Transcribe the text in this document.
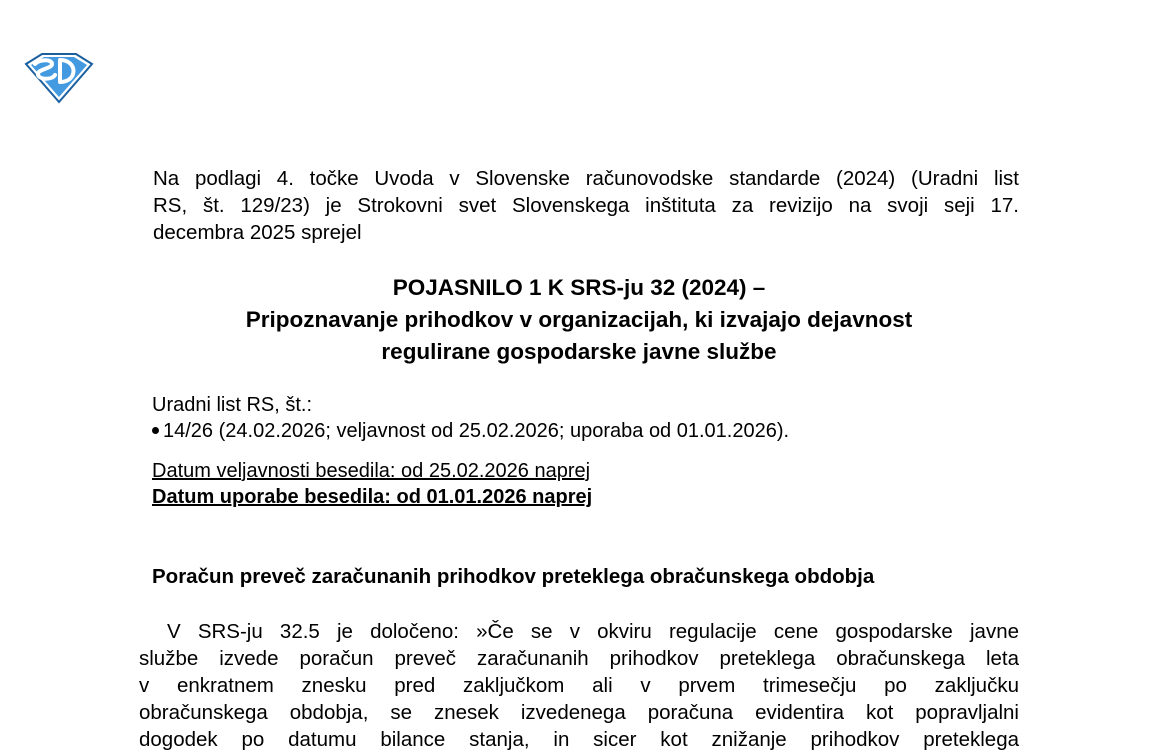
Na podlagi 4. točke Uvoda v Slovenske računovodske standarde (2024) (Uradni list
RS, št. 129/23) je Strokovni svet Slovenskega inštituta za revizijo na svoji seji 17.
decembra 2025 sprejel
POJASNILO 1 K SRS-ju 32 (2024) –
Pripoznavanje prihodkov v organizacijah, ki izvajajo dejavnost
regulirane gospodarske javne službe
Uradni list RS, št.:
14/26 (24.02.2026; veljavnost od 25.02.2026; uporaba od 01.01.2026).
Datum veljavnosti besedila: od 25.02.2026 naprej
Datum uporabe besedila: od 01.01.2026 naprej
Poračun preveč zaračunanih prihodkov preteklega obračunskega obdobja
V SRS-ju 32.5 je določeno: »Če se v okviru regulacije cene gospodarske javne
službe izvede poračun preveč zaračunanih prihodkov preteklega obračunskega leta
v enkratnem znesku pred zaključkom ali v prvem trimesečju po zaključku
obračunskega obdobja, se znesek izvedenega poračuna evidentira kot popravljalni
dogodek po datumu bilance stanja, in sicer kot znižanje prihodkov preteklega
